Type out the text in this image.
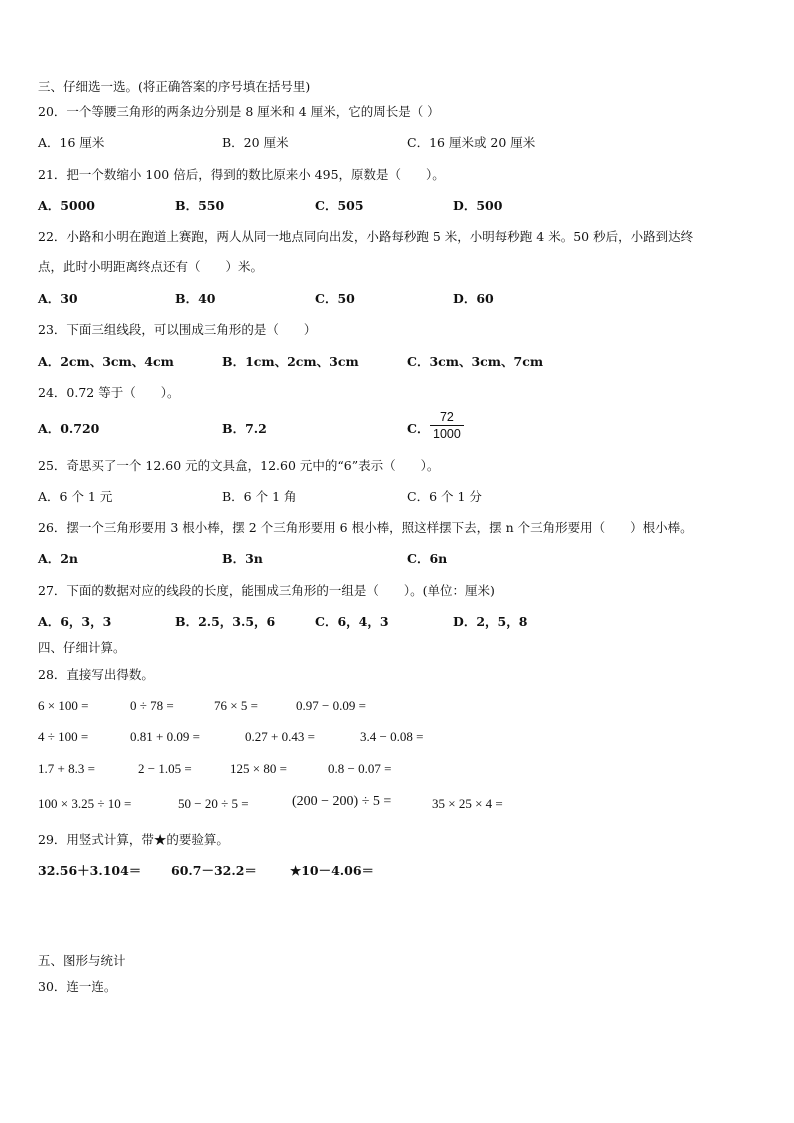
三、仔细选一选。(将正确答案的序号填在括号里)
20．一个等腰三角形的两条边分别是 8 厘米和 4 厘米，它的周长是（ ）
A．16 厘米	B．20 厘米	C．16 厘米或 20 厘米
21．把一个数缩小 100 倍后，得到的数比原来小 495，原数是（　　）。
A．5000	B．550	C．505	D．500
22．小路和小明在跑道上赛跑，两人从同一地点同向出发，小路每秒跑 5 米，小明每秒跑 4 米。50 秒后，小路到达终
点，此时小明距离终点还有（　　）米。
A．30	B．40	C．50	D．60
23．下面三组线段，可以围成三角形的是（　　）
A．2cm、3cm、4cm	B．1cm、2cm、3cm	C．3cm、3cm、7cm
24．0.72 等于（　　）。
A．0.720	B．7.2	C． $\frac{72}{1000}$
25．奇思买了一个 12.60 元的文具盒，12.60 元中的“6”表示（　　）。
A．6 个 1 元	B．6 个 1 角	C．6 个 1 分
26．摆一个三角形要用 3 根小棒，摆 2 个三角形要用 6 根小棒，照这样摆下去，摆 n 个三角形要用（　　）根小棒。
A．2n	B．3n	C．6n
27．下面的数据对应的线段的长度，能围成三角形的一组是（　　）。(单位：厘米)
A．6，3，3	B．2.5，3.5，6	C．6，4，3	D．2，5，8
四、仔细计算。
28．直接写出得数。
6 × 100 =	0 ÷ 78 =	76 × 5 =	0.97 − 0.09 =
4 ÷ 100 =	0.81 + 0.09 =	0.27 + 0.43 =	3.4 − 0.08 =
1.7 + 8.3 =	2 − 1.05 =	125 × 80 =	0.8 − 0.07 =
100 × 3.25 ÷ 10 =	50 − 20 ÷ 5 =	(200 − 200) ÷ 5 =	35 × 25 × 4 =
29．用竖式计算，带★的要验算。
32.56＋3.104＝ 60.7－32.2＝	★10－4.06＝
五、图形与统计
30．连一连。
